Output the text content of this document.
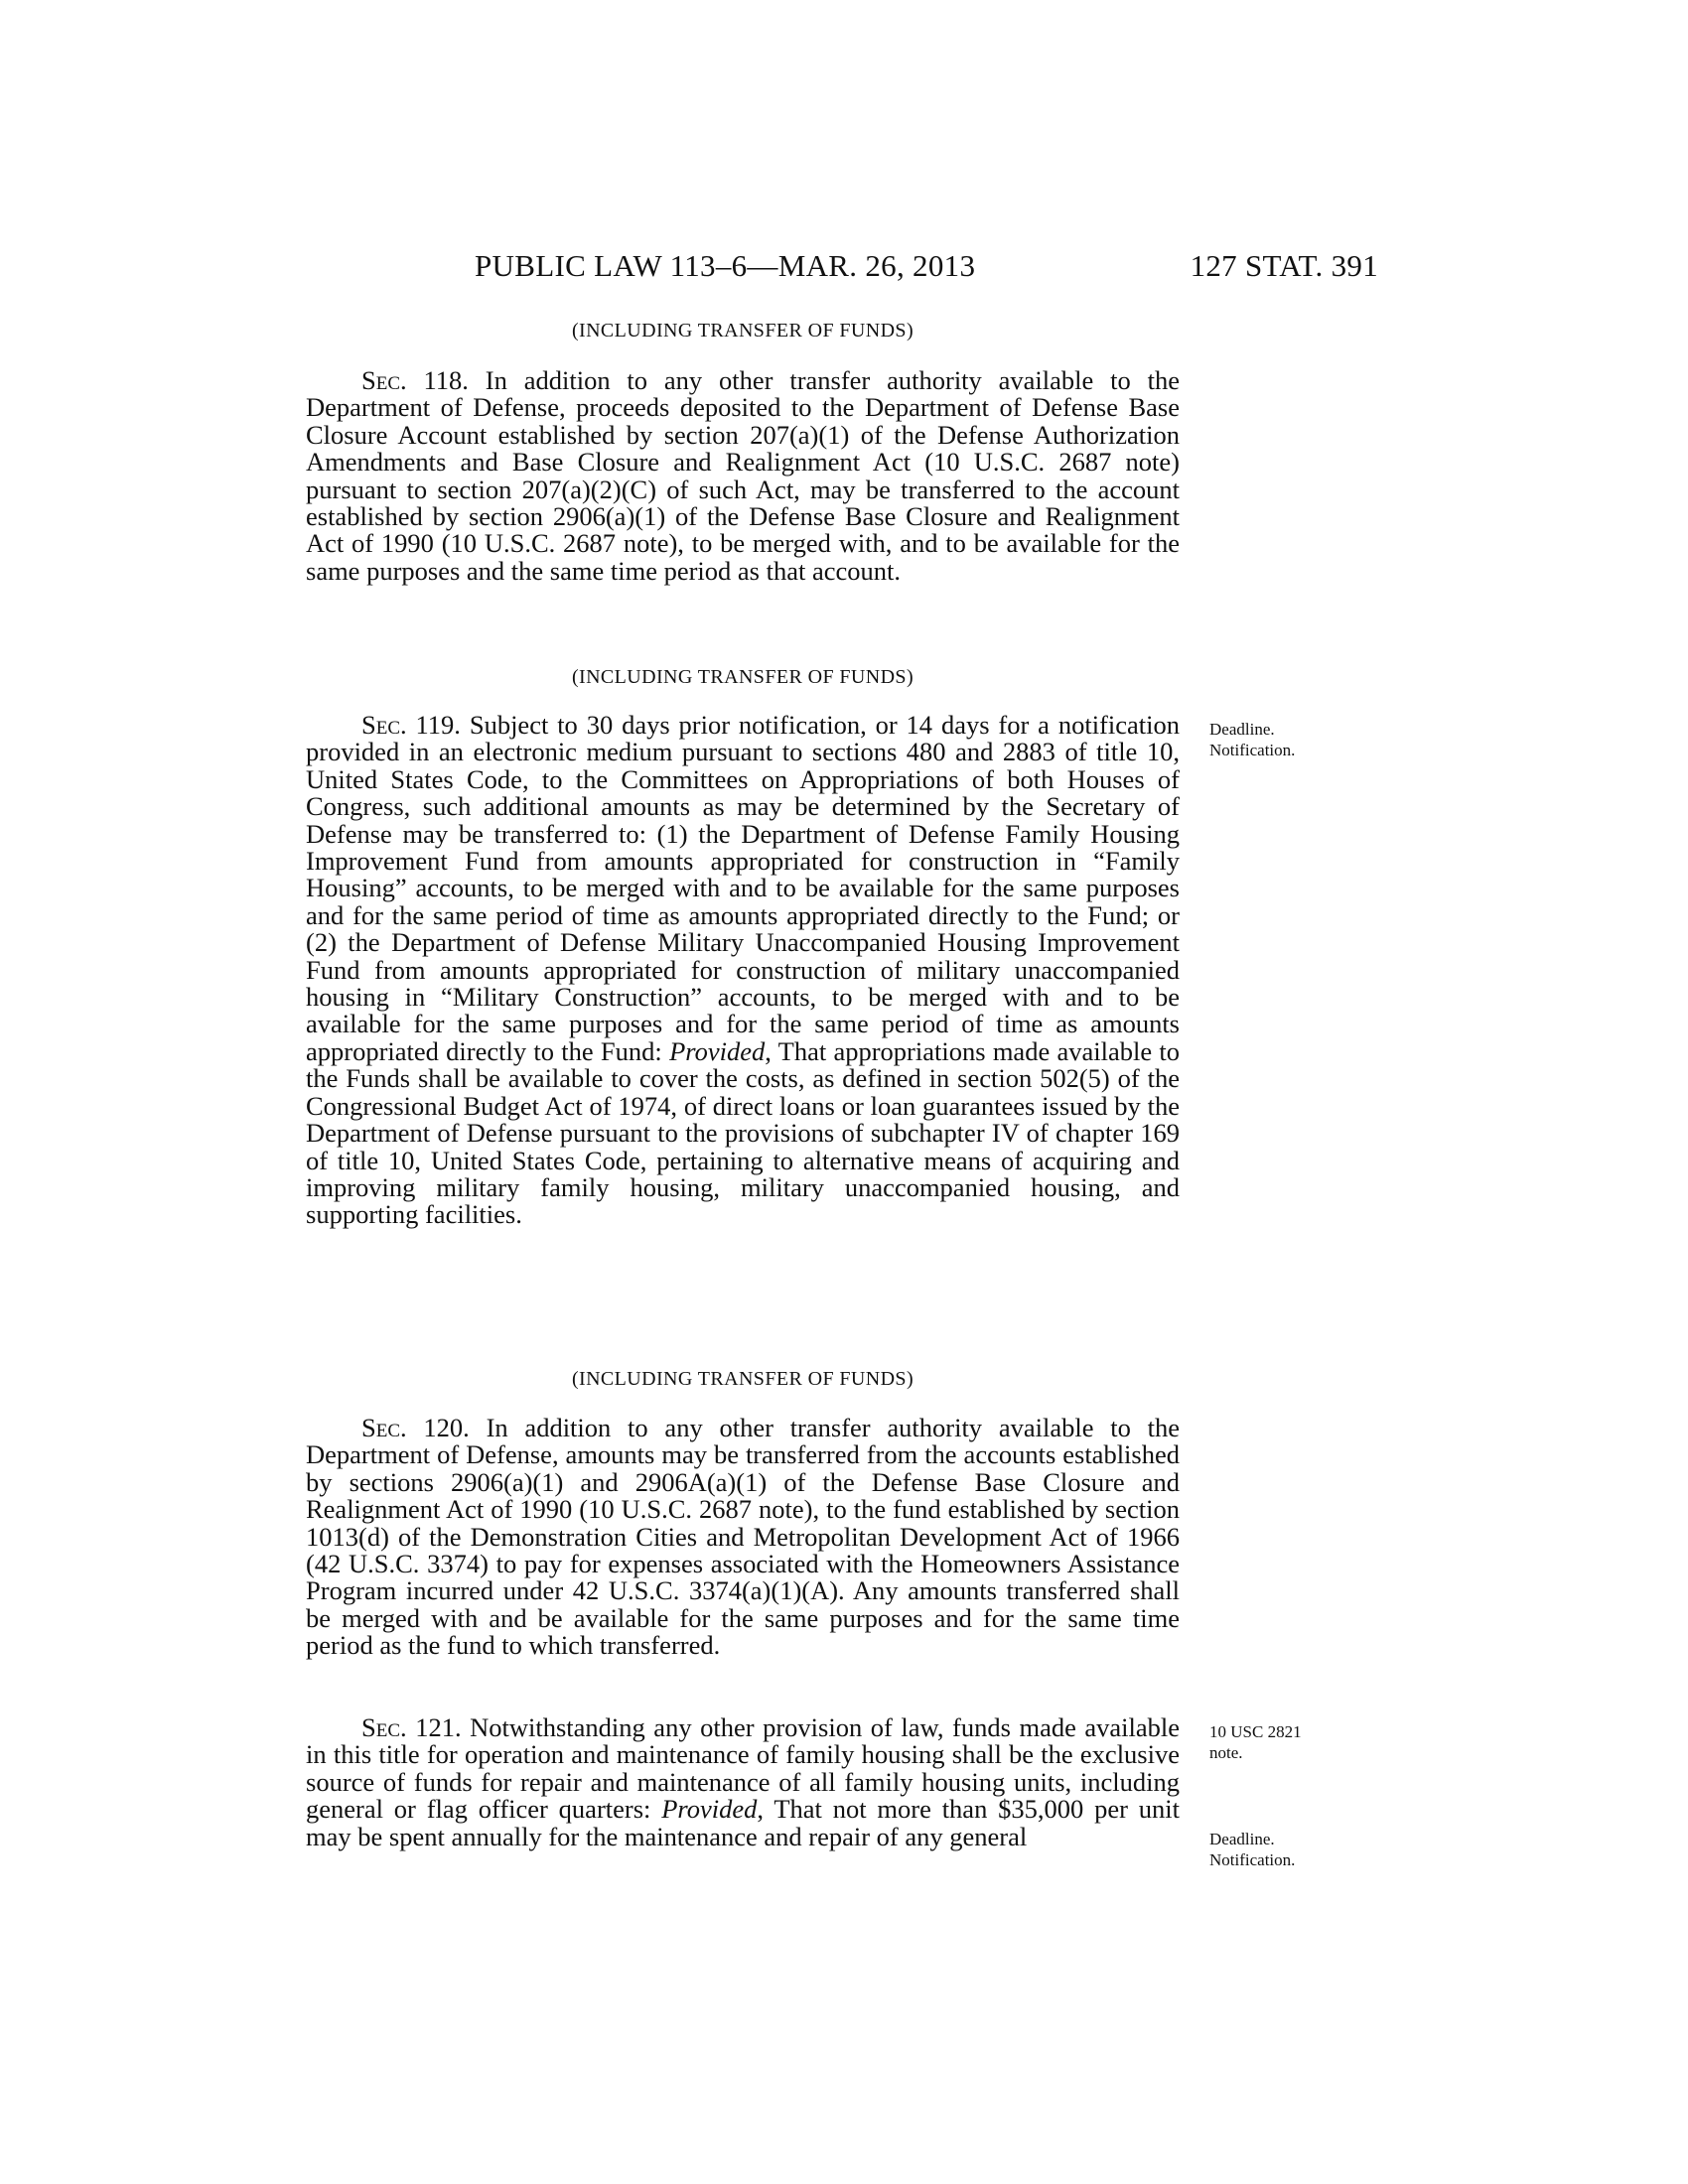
PUBLIC LAW 113–6—MAR. 26, 2013	127 STAT. 391
(INCLUDING TRANSFER OF FUNDS)
Sec. 118. In addition to any other transfer authority available to the Department of Defense, proceeds deposited to the Department of Defense Base Closure Account established by section 207(a)(1) of the Defense Authorization Amendments and Base Closure and Realignment Act (10 U.S.C. 2687 note) pursuant to section 207(a)(2)(C) of such Act, may be transferred to the account established by section 2906(a)(1) of the Defense Base Closure and Realignment Act of 1990 (10 U.S.C. 2687 note), to be merged with, and to be available for the same purposes and the same time period as that account.
(INCLUDING TRANSFER OF FUNDS)
Sec. 119. Subject to 30 days prior notification, or 14 days for a notification provided in an electronic medium pursuant to sections 480 and 2883 of title 10, United States Code, to the Committees on Appropriations of both Houses of Congress, such additional amounts as may be determined by the Secretary of Defense may be transferred to: (1) the Department of Defense Family Housing Improvement Fund from amounts appropriated for construction in “Family Housing” accounts, to be merged with and to be available for the same purposes and for the same period of time as amounts appropriated directly to the Fund; or (2) the Department of Defense Military Unaccompanied Housing Improvement Fund from amounts appropriated for construction of military unaccompanied housing in “Military Construction” accounts, to be merged with and to be available for the same purposes and for the same period of time as amounts appropriated directly to the Fund: Provided, That appropriations made available to the Funds shall be available to cover the costs, as defined in section 502(5) of the Congressional Budget Act of 1974, of direct loans or loan guarantees issued by the Department of Defense pursuant to the provisions of subchapter IV of chapter 169 of title 10, United States Code, pertaining to alternative means of acquiring and improving military family housing, military unaccompanied housing, and supporting facilities.
Deadline.
Notification.
(INCLUDING TRANSFER OF FUNDS)
Sec. 120. In addition to any other transfer authority available to the Department of Defense, amounts may be transferred from the accounts established by sections 2906(a)(1) and 2906A(a)(1) of the Defense Base Closure and Realignment Act of 1990 (10 U.S.C. 2687 note), to the fund established by section 1013(d) of the Demonstration Cities and Metropolitan Development Act of 1966 (42 U.S.C. 3374) to pay for expenses associated with the Homeowners Assistance Program incurred under 42 U.S.C. 3374(a)(1)(A). Any amounts transferred shall be merged with and be available for the same purposes and for the same time period as the fund to which transferred.
Sec. 121. Notwithstanding any other provision of law, funds made available in this title for operation and maintenance of family housing shall be the exclusive source of funds for repair and maintenance of all family housing units, including general or flag officer quarters: Provided, That not more than $35,000 per unit may be spent annually for the maintenance and repair of any general
10 USC 2821
note.
Deadline.
Notification.
